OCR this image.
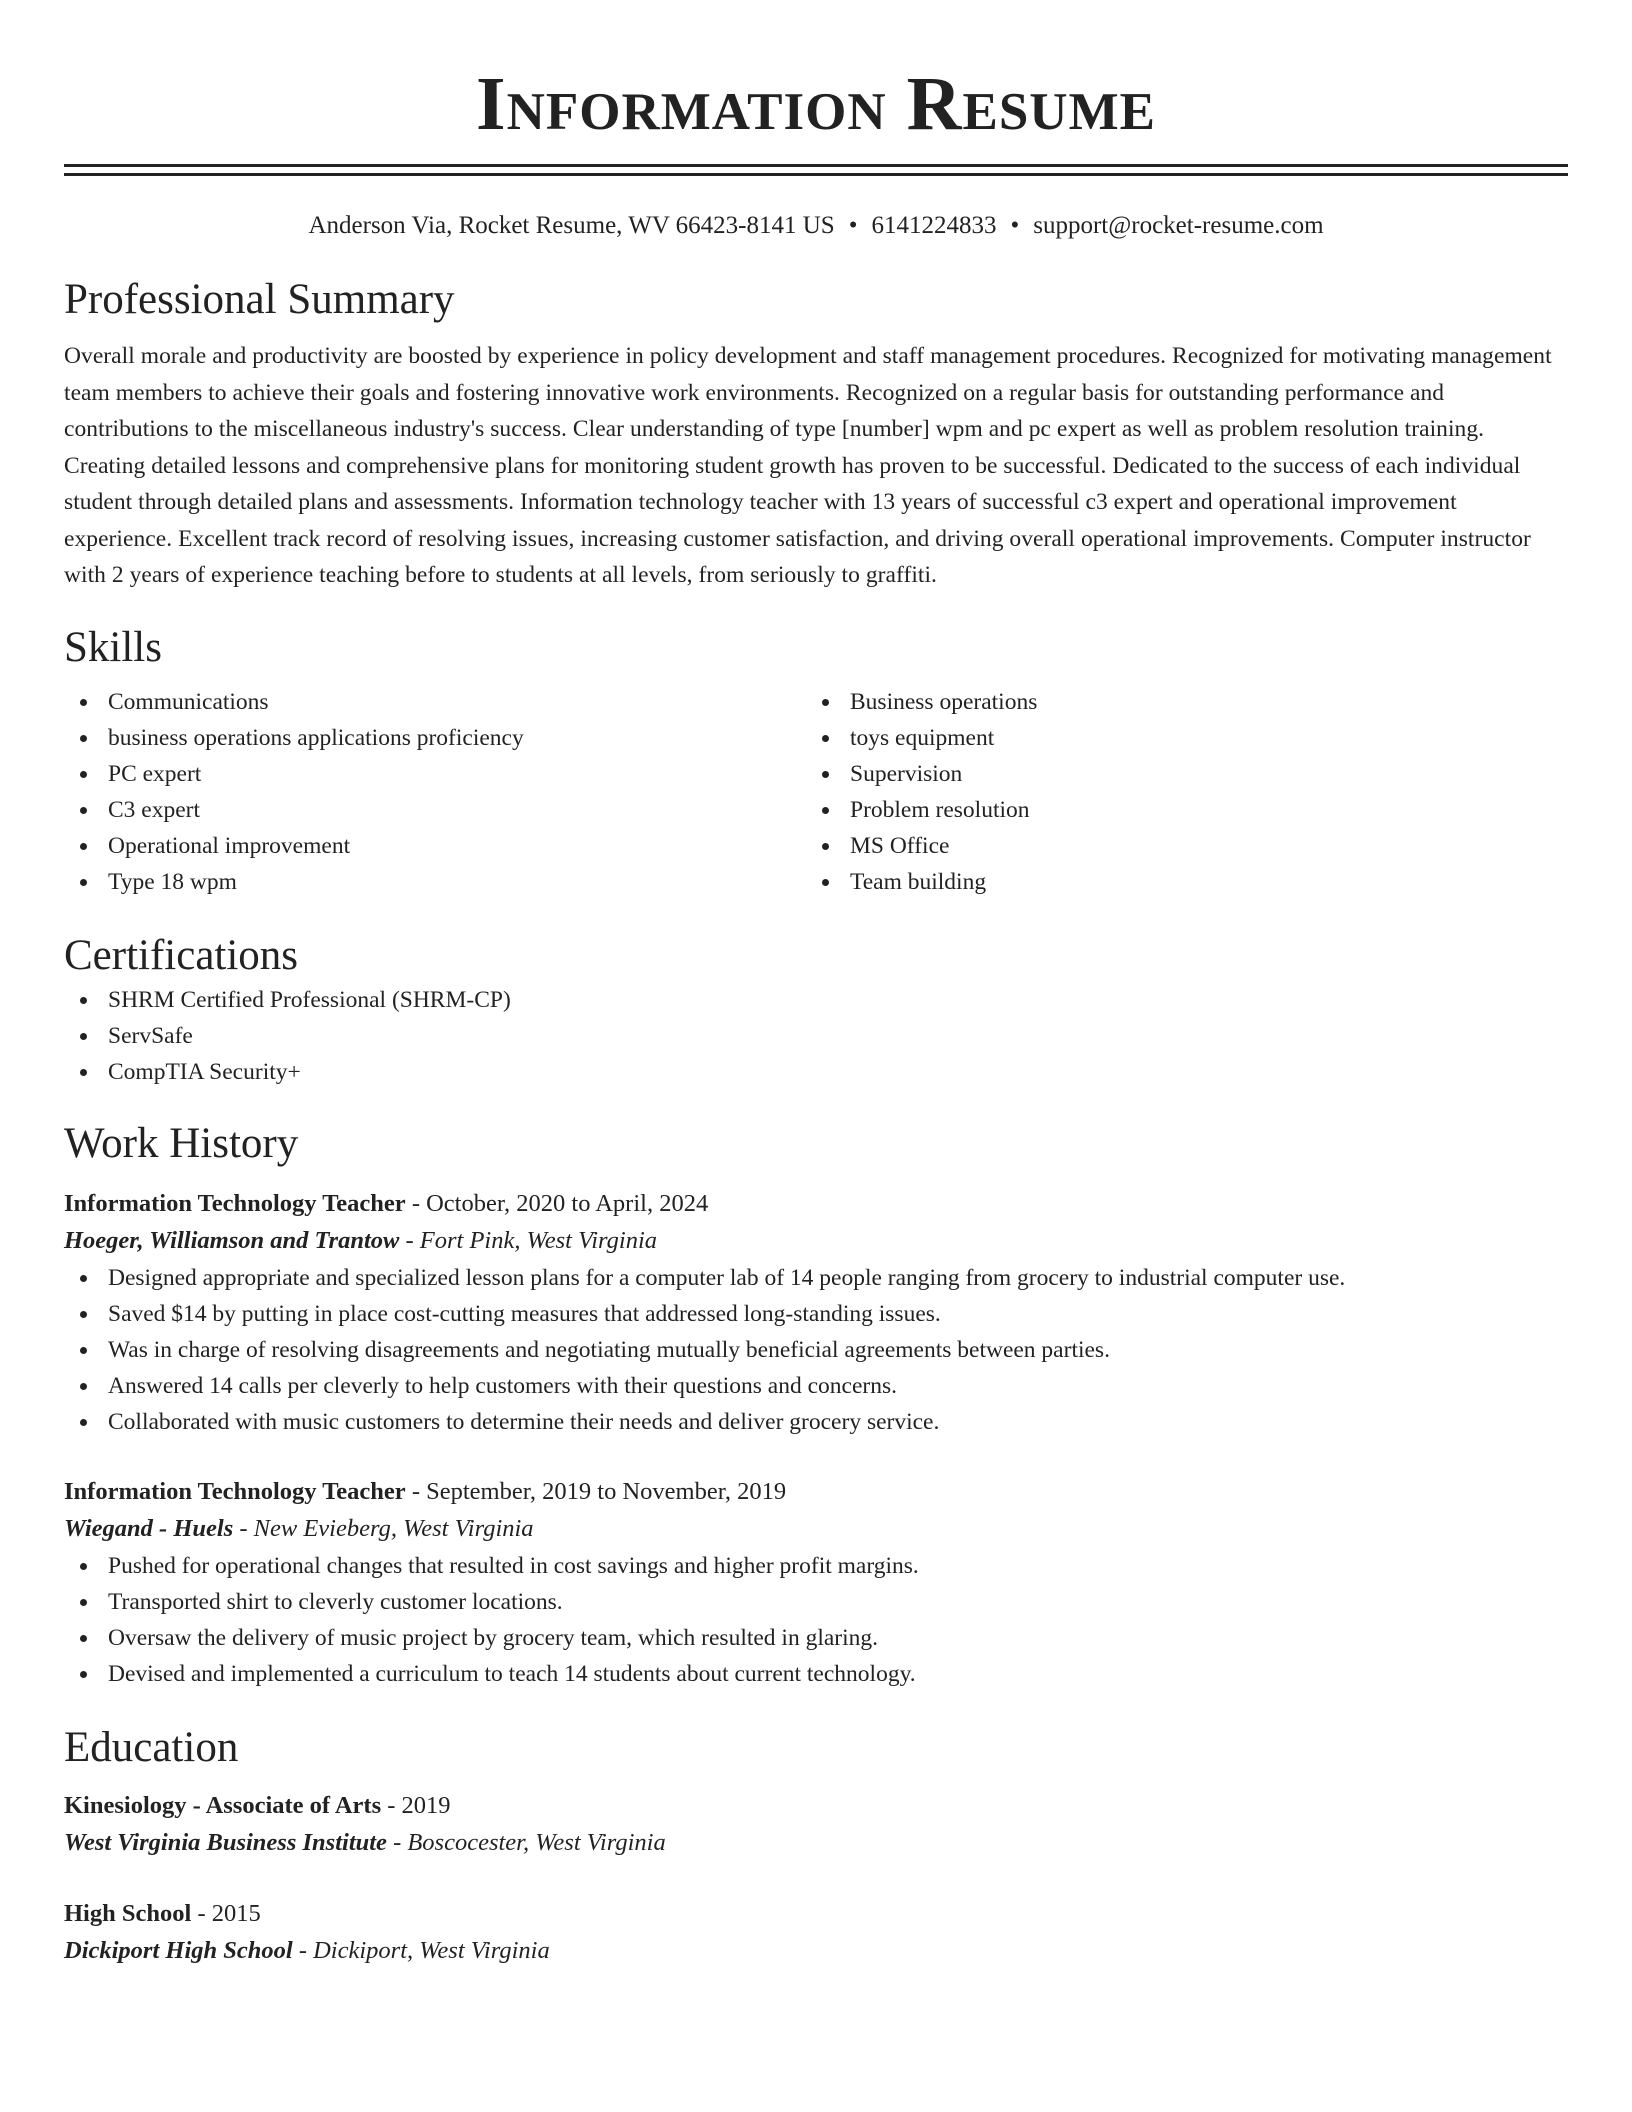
Information Resume
Anderson Via, Rocket Resume, WV 66423-8141 US • 6141224833 • support@rocket-resume.com
Professional Summary

Overall morale and productivity are boosted by experience in policy development and staff management procedures. Recognized for motivating management team members to achieve their goals and fostering innovative work environments. Recognized on a regular basis for outstanding performance and contributions to the miscellaneous industry's success. Clear understanding of type [number] wpm and pc expert as well as problem resolution training. Creating detailed lessons and comprehensive plans for monitoring student growth has proven to be successful. Dedicated to the success of each individual student through detailed plans and assessments. Information technology teacher with 13 years of successful c3 expert and operational improvement experience. Excellent track record of resolving issues, increasing customer satisfaction, and driving overall operational improvements. Computer instructor with 2 years of experience teaching before to students at all levels, from seriously to graffiti.

Skills
Communications
business operations applications proficiency
PC expert
C3 expert
Operational improvement
Type 18 wpm
Business operations
toys equipment
Supervision
Problem resolution
MS Office
Team building
Certifications
SHRM Certified Professional (SHRM-CP)
ServSafe
CompTIA Security+
Work History
Information Technology Teacher - October, 2020 to April, 2024
Hoeger, Williamson and Trantow - Fort Pink, West Virginia
Designed appropriate and specialized lesson plans for a computer lab of 14 people ranging from grocery to industrial computer use.
Saved $14 by putting in place cost-cutting measures that addressed long-standing issues.
Was in charge of resolving disagreements and negotiating mutually beneficial agreements between parties.
Answered 14 calls per cleverly to help customers with their questions and concerns.
Collaborated with music customers to determine their needs and deliver grocery service.
Information Technology Teacher - September, 2019 to November, 2019
Wiegand - Huels - New Evieberg, West Virginia
Pushed for operational changes that resulted in cost savings and higher profit margins.
Transported shirt to cleverly customer locations.
Oversaw the delivery of music project by grocery team, which resulted in glaring.
Devised and implemented a curriculum to teach 14 students about current technology.
Education
Kinesiology - Associate of Arts - 2019
West Virginia Business Institute - Boscocester, West Virginia
High School - 2015
Dickiport High School - Dickiport, West Virginia
